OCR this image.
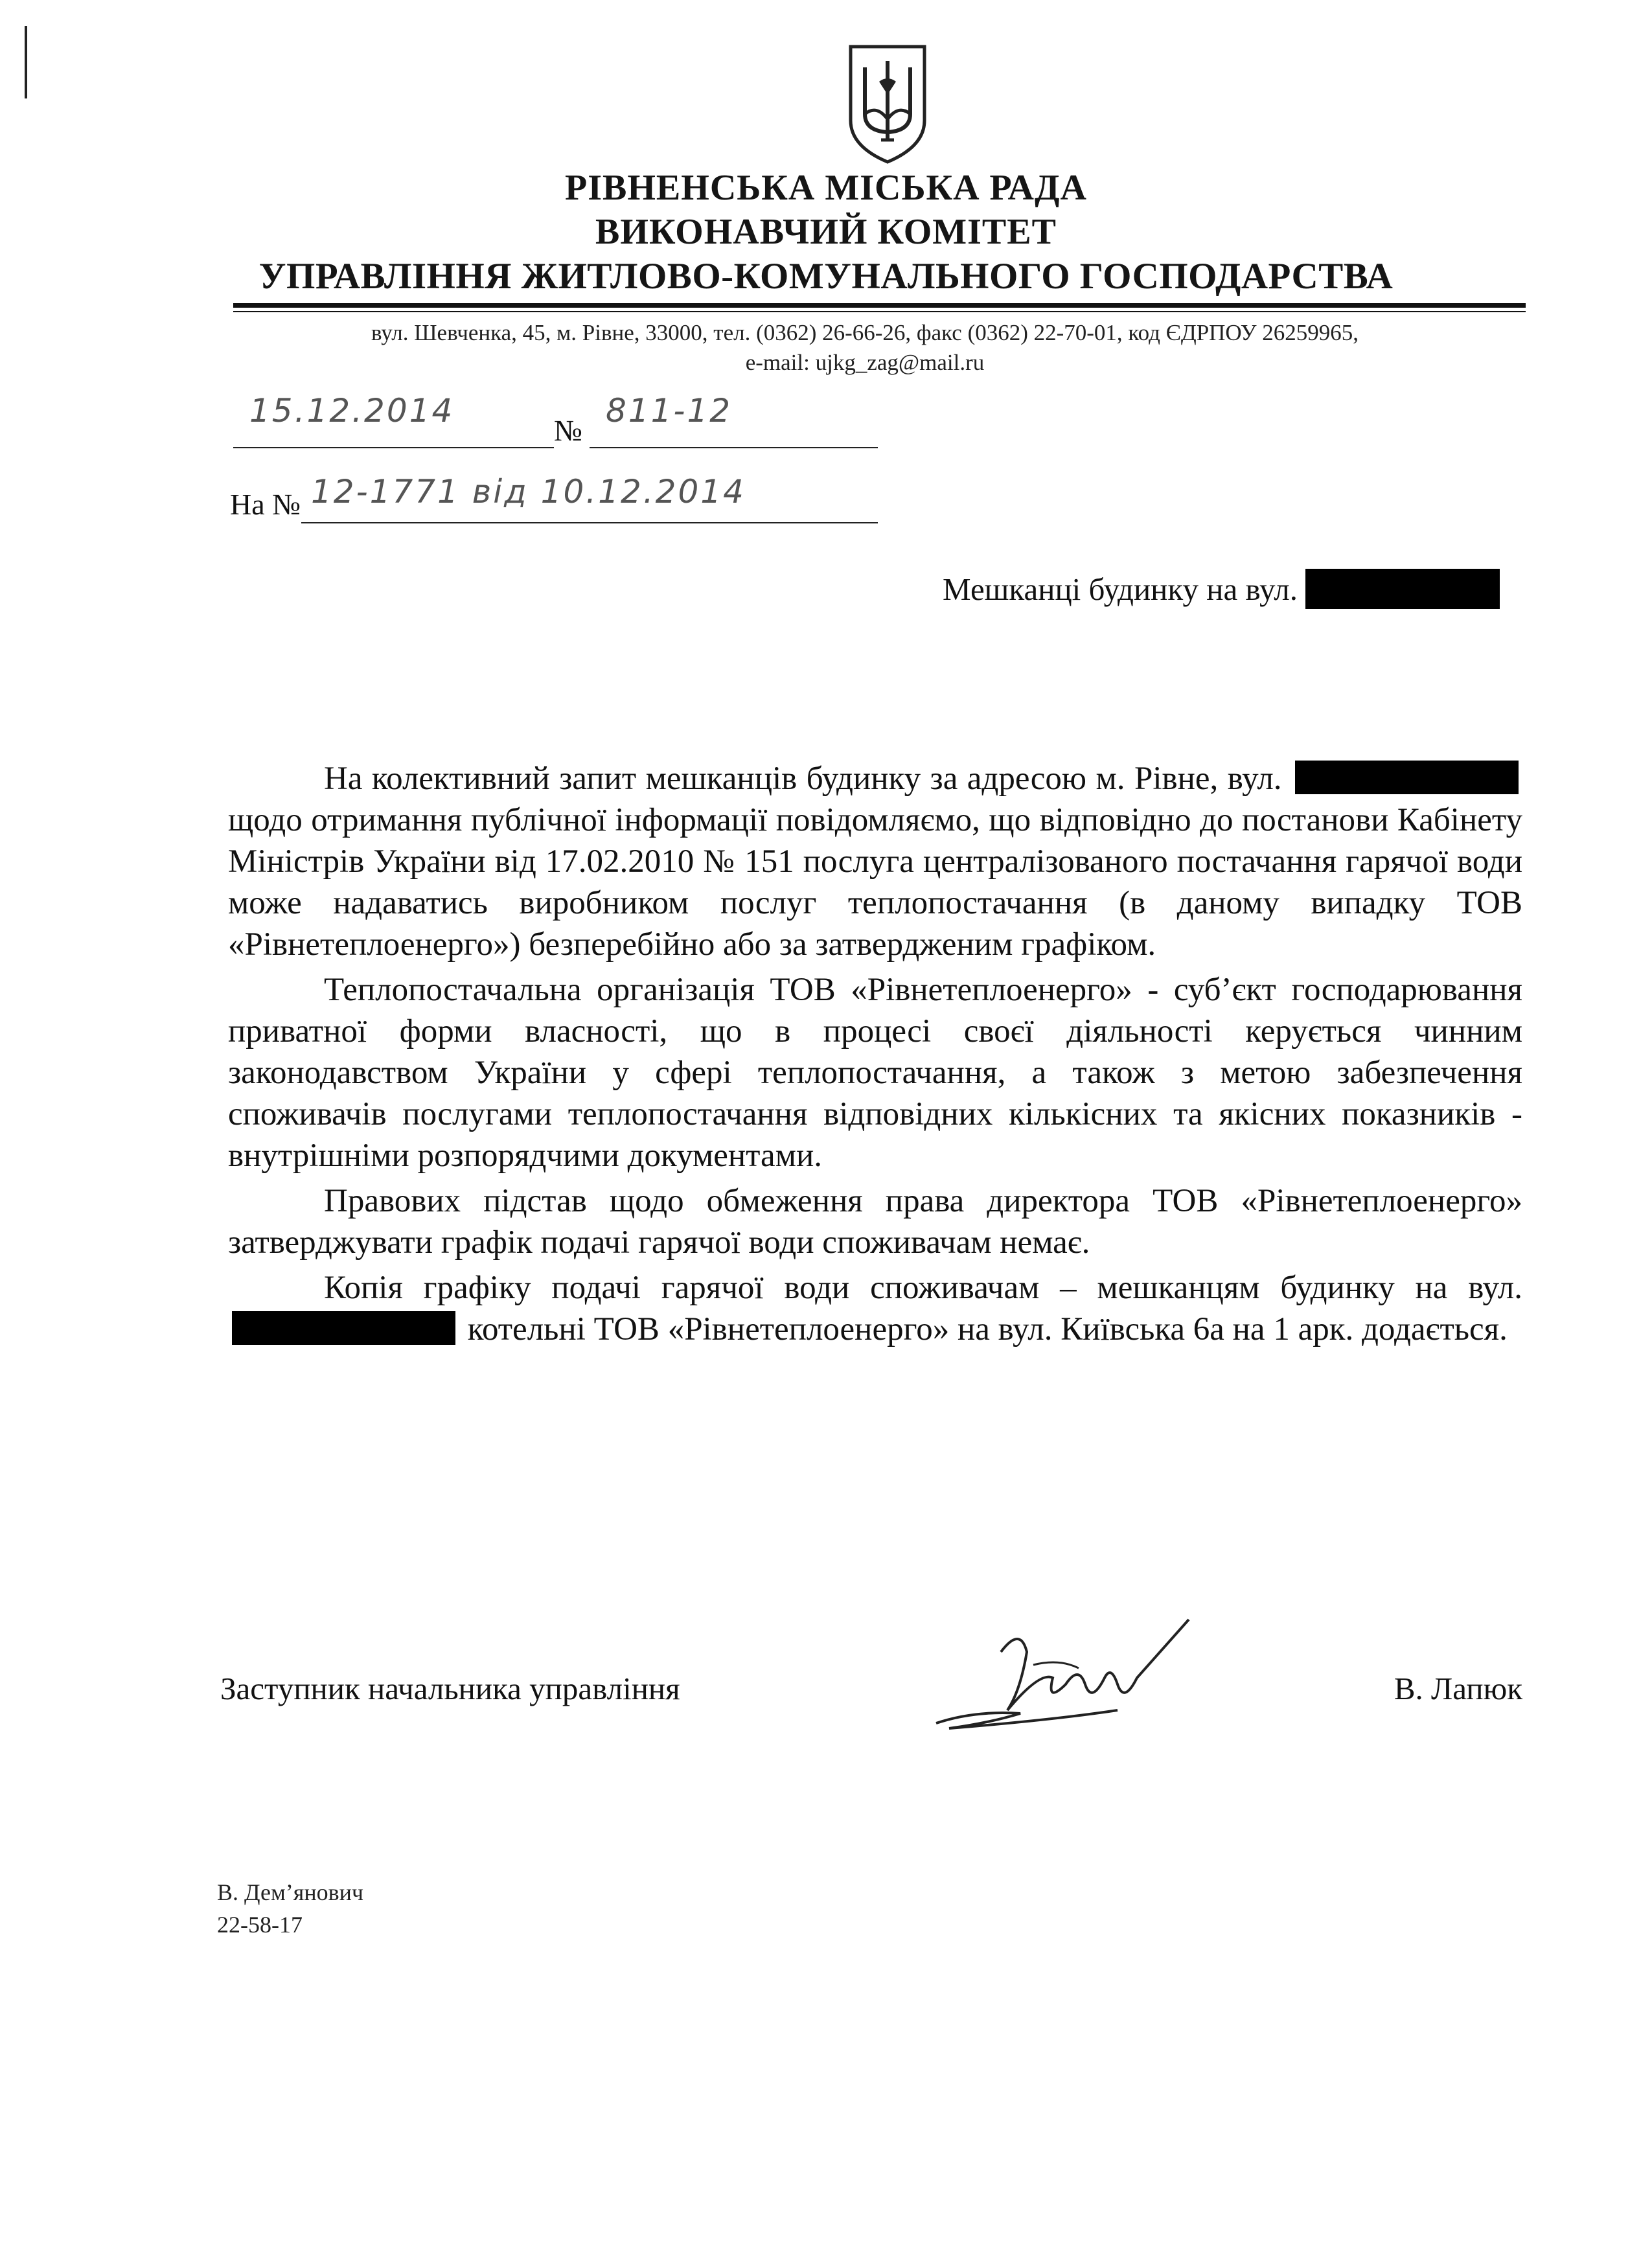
РІВНЕНСЬКА МІСЬКА РАДА
ВИКОНАВЧИЙ КОМІТЕТ
УПРАВЛІННЯ ЖИТЛОВО-КОМУНАЛЬНОГО ГОСПОДАРСТВА
вул. Шевченка, 45, м. Рівне, 33000, тел. (0362) 26-66-26, факс (0362) 22-70-01, код ЄДРПОУ 26259965,
e-mail: ujkg_zag@mail.ru
15.12.2014
№
811-12
На № 12-1771 від 10.12.2014
Мешканці будинку на вул.

На колективний запит мешканців будинку за адресою м. Рівне, вул.  щодо отримання публічної інформації повідомляємо, що відповідно до постанови Кабінету Міністрів України від 17.02.2010 № 151 послуга централізованого постачання гарячої води може надаватись виробником послуг теплопостачання (в даному випадку ТОВ «Рівнетеплоенерго») безперебійно або за затвердженим графіком.

Теплопостачальна організація ТОВ «Рівнетеплоенерго» - суб’єкт господарювання приватної форми власності, що в процесі своєї діяльності керується чинним законодавством України у сфері теплопостачання, а також з метою забезпечення споживачів послугами теплопостачання відповідних кількісних та якісних показників - внутрішніми розпорядчими документами.

Правових підстав щодо обмеження права директора ТОВ «Рівнетеплоенерго» затверджувати графік подачі гарячої води споживачам немає.

Копія графіку подачі гарячої води споживачам – мешканцям будинку на вул.  котельні ТОВ «Рівнетеплоенерго» на вул. Київська 6а на 1 арк. додається.

Заступник начальника управління	В. Лапюк
В. Дем’янович
22-58-17
